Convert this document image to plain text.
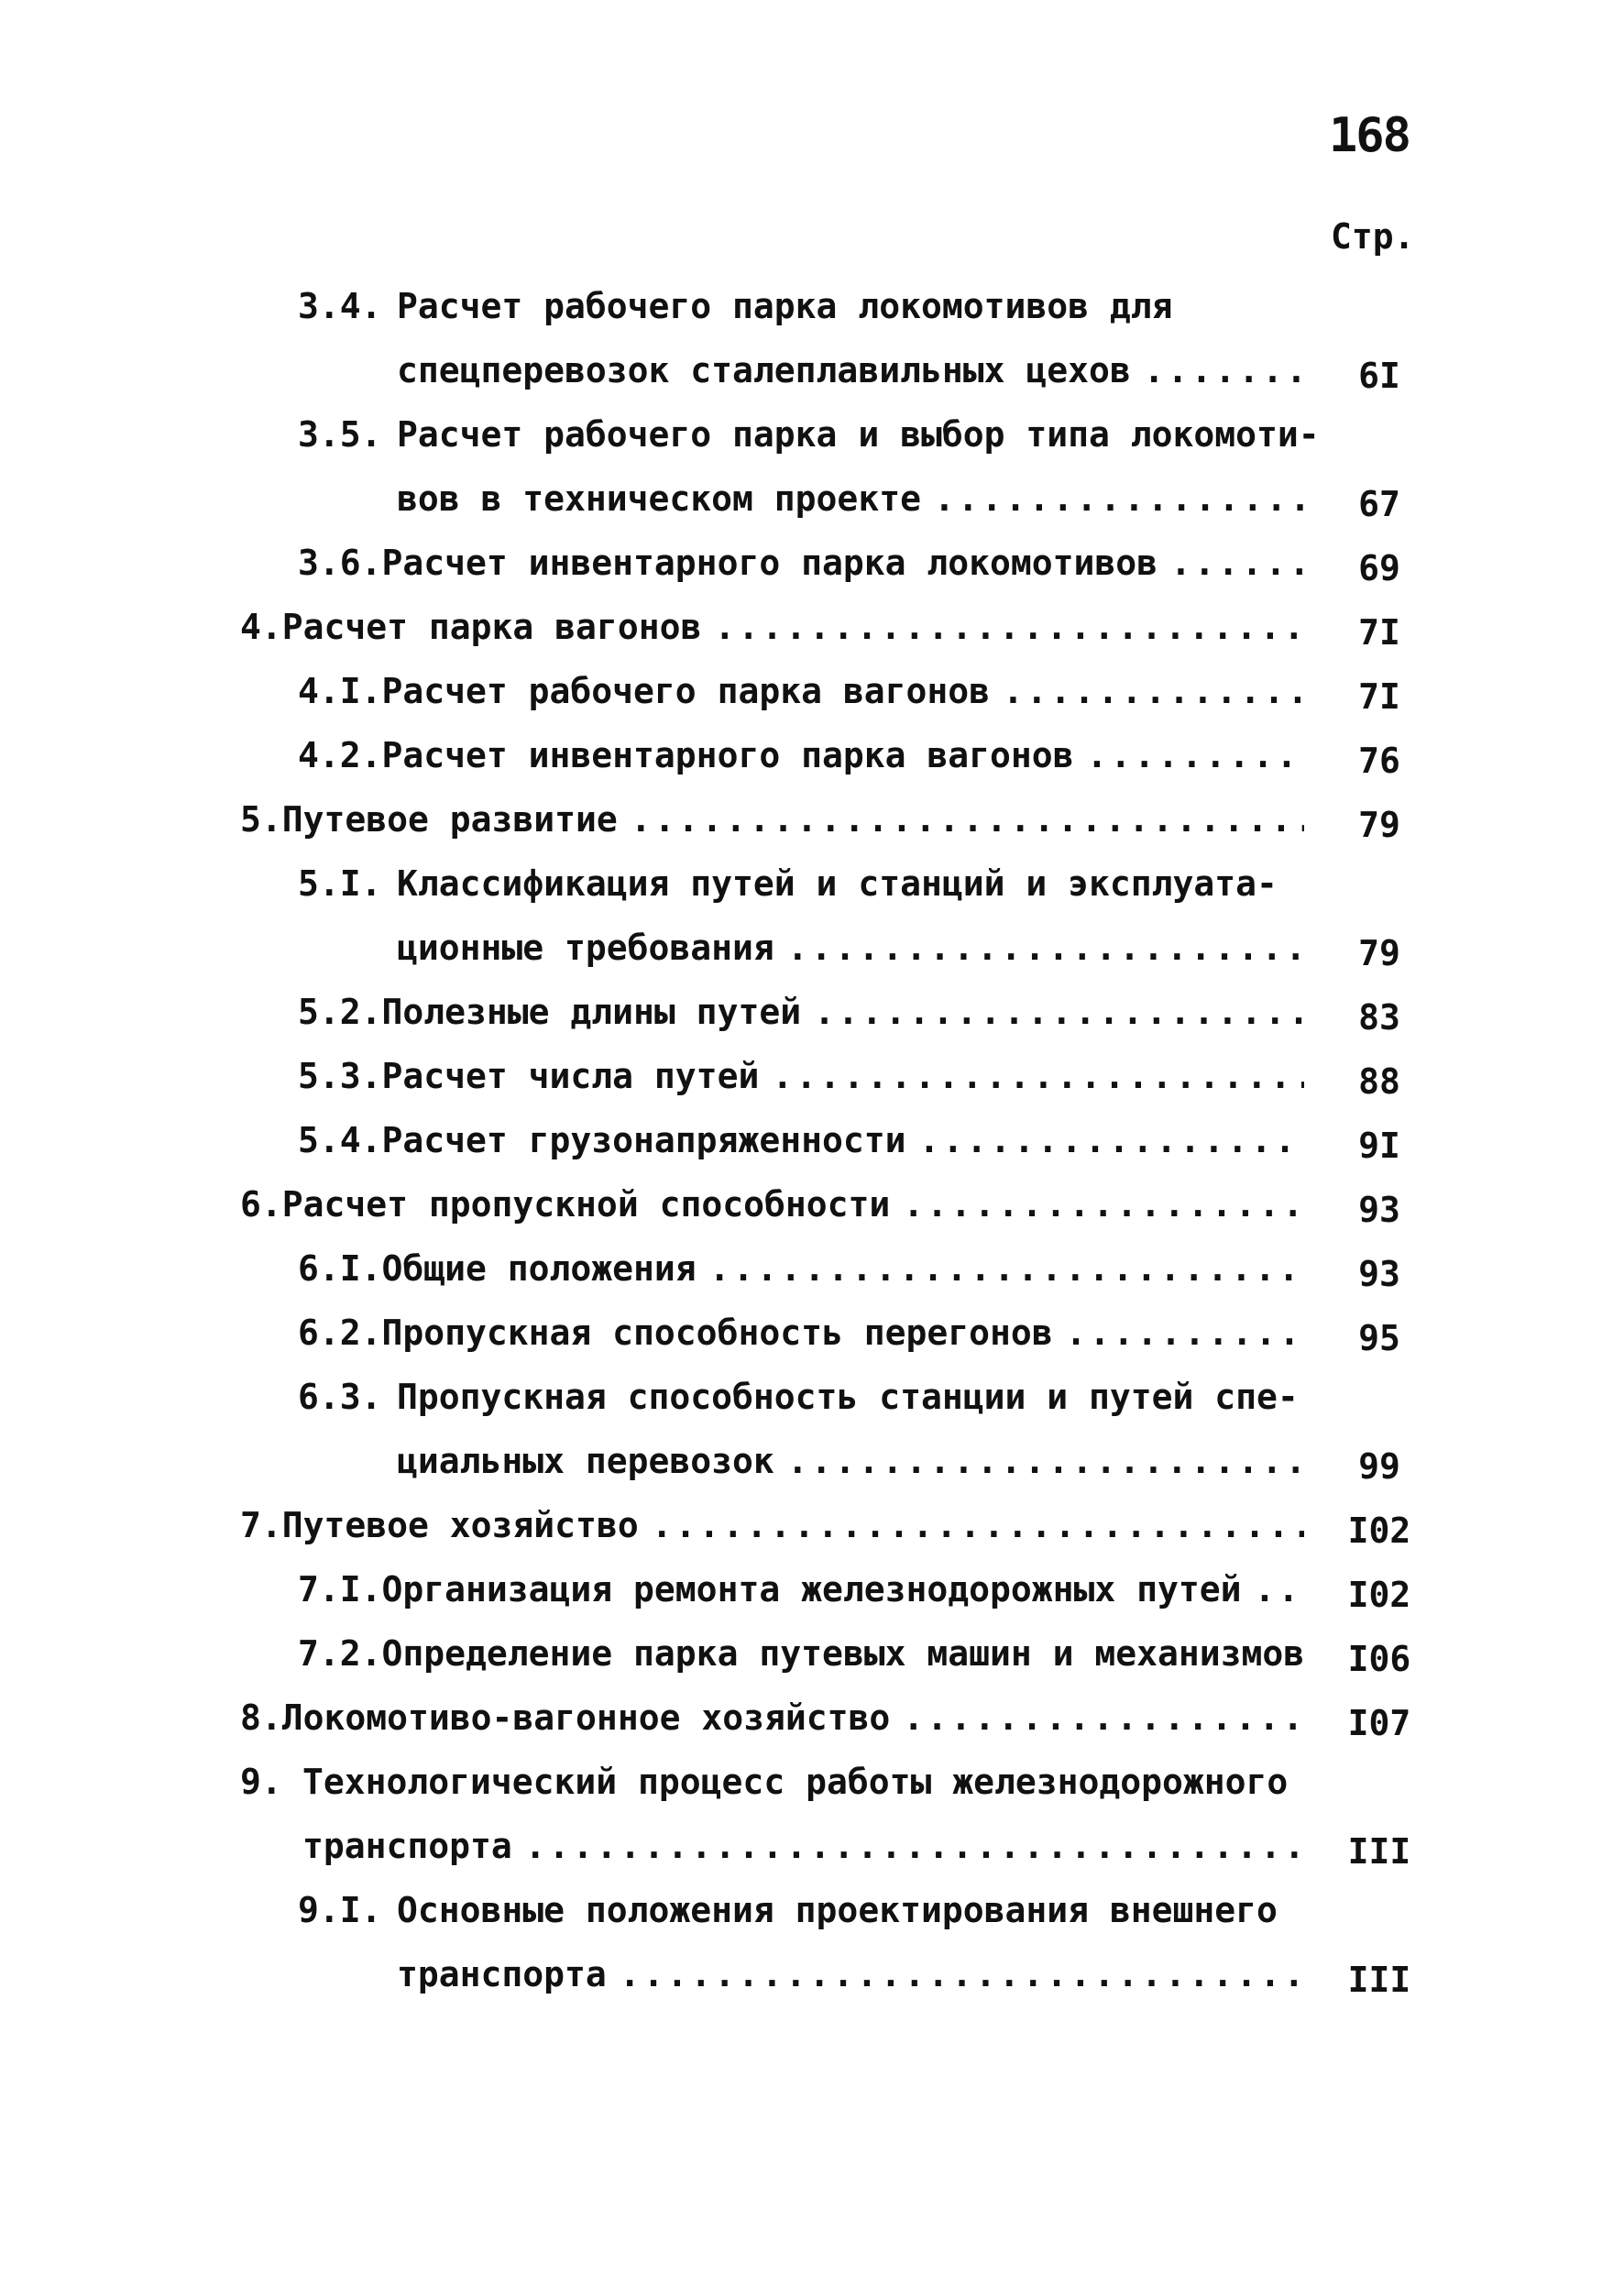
168
Стр.
3.4. Расчет рабочего парка локомотивов для
спецперевозок сталеплавильных цехов .....	6I
3.5. Расчет рабочего парка и выбор типа локомоти-
вов в техническом проекте .....	67
3.6. Расчет инвентарного парка локомотивов .....	69
4. Расчет парка вагонов .....	7I
4.I. Расчет рабочего парка вагонов .....	7I
4.2. Расчет инвентарного парка вагонов .....	76
5. Путевое развитие .....	79
5.I. Классификация путей и станций и эксплуата-
ционные требования .....	79
5.2. Полезные длины путей .....	83
5.3. Расчет числа путей .....	88
5.4. Расчет грузонапряженности .....	9I
6. Расчет пропускной способности .....	93
6.I. Общие положения .....	93
6.2. Пропускная способность перегонов .....	95
6.3. Пропускная способность станции и путей спе-
циальных перевозок .....	99
7. Путевое хозяйство .....	I02
7.I. Организация ремонта железнодорожных путей .....	I02
7.2. Определение парка путевых машин и механизмов I06
8. Локомотиво-вагонное хозяйство .....	I07
9. Технологический процесс работы железнодорожного
транспорта .....	III
9.I. Основные положения проектирования внешнего
транспорта .....	III
